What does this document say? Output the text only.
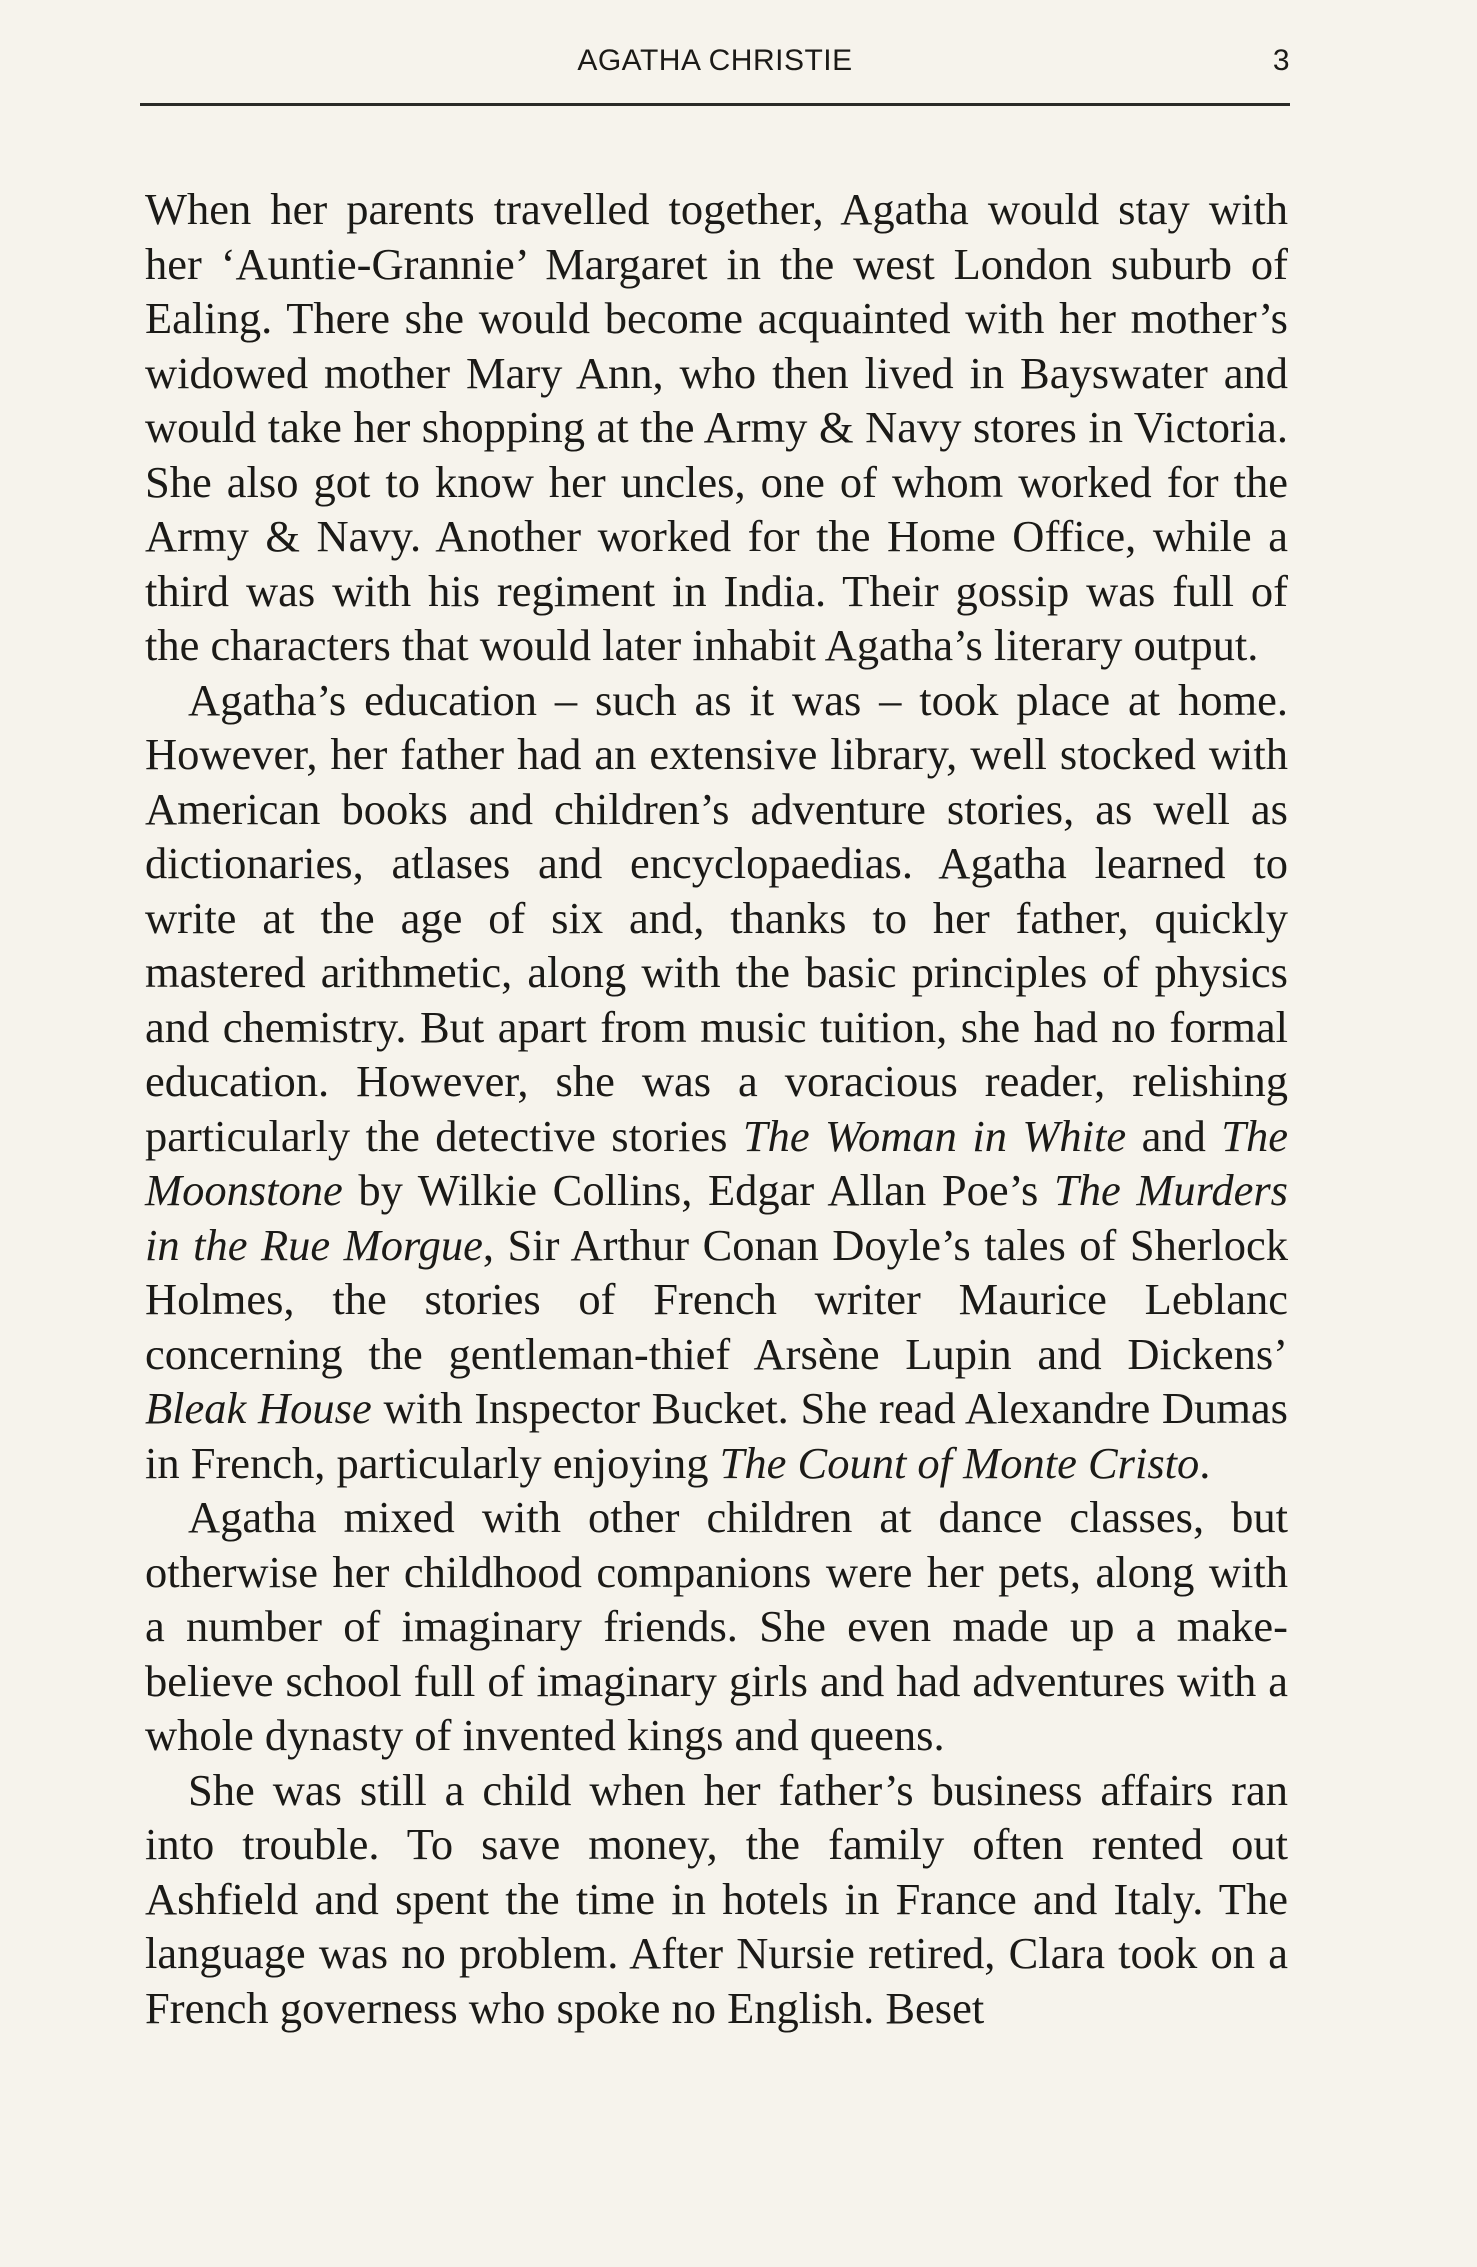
AGATHA CHRISTIE	3

When her parents travelled together, Agatha would stay with her ‘Auntie-Grannie’ Margaret in the west London suburb of Ealing. There she would become acquainted with her mother’s widowed mother Mary Ann, who then lived in Bayswater and would take her shopping at the Army & Navy stores in Victoria. She also got to know her uncles, one of whom worked for the Army & Navy. Another worked for the Home Office, while a third was with his regiment in India. Their gossip was full of the characters that would later inhabit Agatha’s literary output.

Agatha’s education – such as it was – took place at home. However, her father had an extensive library, well stocked with American books and children’s adventure stories, as well as dictionaries, atlases and encyclopaedias. Agatha learned to write at the age of six and, thanks to her father, quickly mastered arithmetic, along with the basic principles of physics and chemistry. But apart from music tuition, she had no formal education. However, she was a voracious reader, relishing particularly the detective stories The Woman in White and The Moonstone by Wilkie Collins, Edgar Allan Poe’s The Murders in the Rue Morgue, Sir Arthur Conan Doyle’s tales of Sherlock Holmes, the stories of French writer Maurice Leblanc concerning the gentleman-thief Arsène Lupin and Dickens’ Bleak House with Inspector Bucket. She read Alexandre Dumas in French, particularly enjoying The Count of Monte Cristo.

Agatha mixed with other children at dance classes, but otherwise her childhood companions were her pets, along with a number of imaginary friends. She even made up a make-believe school full of imaginary girls and had adventures with a whole dynasty of invented kings and queens.

She was still a child when her father’s business affairs ran into trouble. To save money, the family often rented out Ashfield and spent the time in hotels in France and Italy. The language was no problem. After Nursie retired, Clara took on a French governess who spoke no English. Beset
